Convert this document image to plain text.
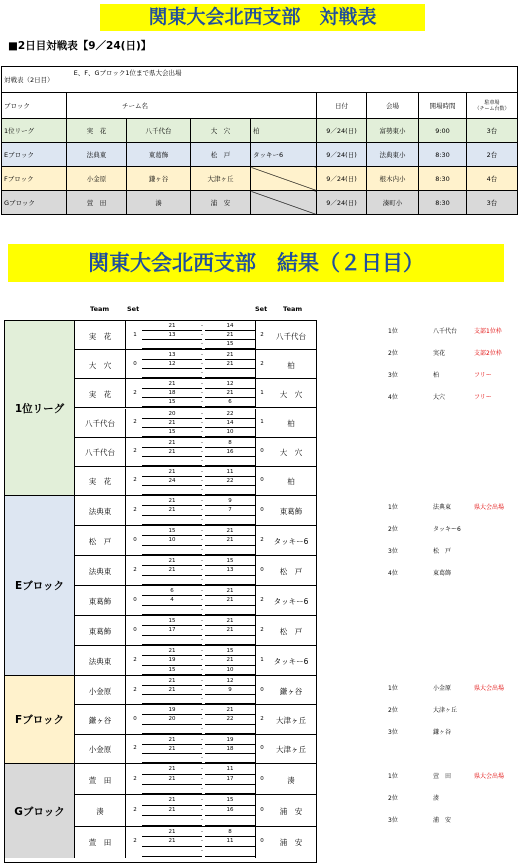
関東大会北西支部　対戦表
■2日目対戦表【9／24(日)】
対戦表（2日目）E、F、Gブロック1位まで県大会出場								
ブロック	チーム名				日付	会場	開場時間	駐車場
（チーム台数）

1位リーグ	実　花	八千代台	大　穴	柏	9／24(日)	富勢東小	9:00	3台
Eブロック	法典東	東葛飾	松　戸	タッキー6	9／24(日)	法典東小	8:30	2台
Fブロック	小金原	鎌ヶ谷	大津ヶ丘		9／24(日)	根木内小	8:30	4台
Gブロック	萱　田	湊	浦　安		9／24(日)	湊町小	8:30	3台
関東大会北西支部　結果（２日目）
Team	Set	Set Team
1位リーグ
実　花	1	2	八千代台
21	-	14
13	-	21
-	15
大　穴	0	2	柏
13	-	21
12	-	21
-
実　花	2	1	大　穴
21	-	12
18	-	21
15	-	6
八千代台	2	1	柏
20	-	22
21	-	14
15	-	10
八千代台	2	0	大　穴
21	-	8
21	-	16
-
実　花	2	0	柏
21	-	11
24	-	22
-
Eブロック
法典東	2	0	東葛飾
21	-	9
21	-	7
-
松　戸	0	2	タッキー6
15	-	21
10	-	21
-
法典東	2	0	松　戸
21	-	15
21	-	13
-
東葛飾	0	2	タッキー6
6	-	21
4	-	21
-
東葛飾	0	2	松　戸
15	-	21
17	-	21
-
法典東	2	1	タッキー6
21	-	15
19	-	21
15	-	10
Fブロック
小金原	2	0	鎌ヶ谷
21	-	12
21	-	9
-
鎌ヶ谷	0	2	大津ヶ丘
19	-	21
20	-	22
-
小金原	2	0	大津ヶ丘
21	-	19
21	-	18
-
Gブロック
萱　田	2	0	湊
21	-	11
21	-	17
-
湊	2	0	浦　安
21	-	15
21	-	16
-
萱　田	2	0	浦　安
21	-	8
21	-	11
-
1位	八千代台	支部1位枠
2位	実花	支部2位枠
3位	柏	フリー
4位	大穴	フリー
1位	法典東	県大会出場
2位	タッキー6
3位	松　戸
4位	東葛飾
1位	小金原	県大会出場
2位	大津ヶ丘
3位	鎌ヶ谷
1位	萱　田	県大会出場
2位	湊
3位	浦　安
